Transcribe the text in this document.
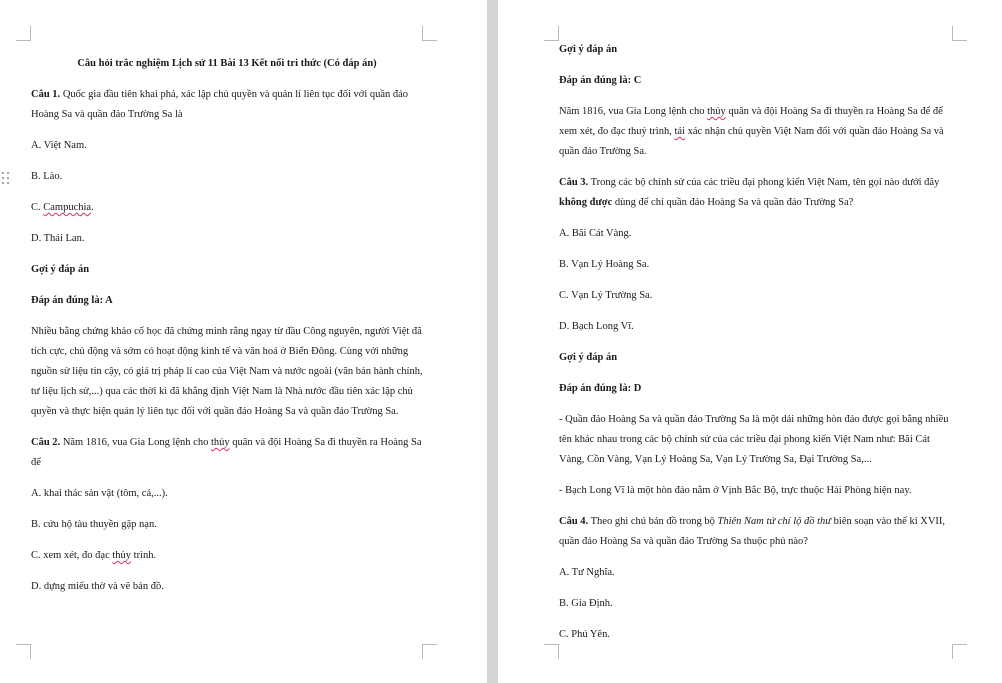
Câu hỏi trắc nghiệm Lịch sử 11 Bài 13 Kết nối tri thức (Có đáp án)

Câu 1. Quốc gia đầu tiên khai phá, xác lập chủ quyền và quản lí liên tục đối với quần đảo Hoàng Sa và quần đảo Trường Sa là

A. Việt Nam.

B. Lào.

C. Campuchia.

D. Thái Lan.

Gợi ý đáp án

Đáp án đúng là: A

Nhiều bằng chứng khảo cổ học đã chứng minh rằng ngay từ đầu Công nguyên, người Việt đã tích cực, chủ động và sớm có hoạt động kinh tế và văn hoá ở Biển Đông. Cùng với những nguồn sử liệu tin cậy, có giá trị pháp lí cao của Việt Nam và nước ngoài (văn bản hành chính, tư liệu lịch sử,...) qua các thời kì đã khẳng định Việt Nam là Nhà nước đầu tiên xác lập chủ quyền và thực hiện quản lý liên tục đối với quần đảo Hoàng Sa và quần đảo Trường Sa.

Câu 2. Năm 1816, vua Gia Long lệnh cho thủy quân và đội Hoàng Sa đi thuyền ra Hoàng Sa để

A. khai thác sản vật (tôm, cá,...).

B. cứu hộ tàu thuyền gặp nạn.

C. xem xét, đo đạc thủy trình.

D. dựng miếu thờ và vẽ bản đồ.

Gợi ý đáp án

Đáp án đúng là: C

Năm 1816, vua Gia Long lệnh cho thủy quân và đội Hoàng Sa đi thuyền ra Hoàng Sa để để xem xét, đo đạc thuỷ trình, tái xác nhận chủ quyền Việt Nam đối với quần đảo Hoàng Sa và quần đảo Trường Sa.

Câu 3. Trong các bộ chính sử của các triều đại phong kiến Việt Nam, tên gọi nào dưới đây không được dùng để chỉ quần đảo Hoàng Sa và quần đảo Trường Sa?

A. Bãi Cát Vàng.

B. Vạn Lý Hoàng Sa.

C. Vạn Lý Trường Sa.

D. Bạch Long Vĩ.

Gợi ý đáp án

Đáp án đúng là: D

- Quần đảo Hoàng Sa và quần đảo Trường Sa là một dải những hòn đảo được gọi bằng nhiều tên khác nhau trong các bộ chính sử của các triều đại phong kiến Việt Nam như: Bãi Cát Vàng, Cồn Vàng, Vạn Lý Hoàng Sa, Vạn Lý Trường Sa, Đại Trường Sa,...

- Bạch Long Vĩ là một hòn đảo nằm ở Vịnh Bắc Bộ, trực thuộc Hải Phòng hiện nay.

Câu 4. Theo ghi chú bản đồ trong bộ Thiên Nam tứ chí lộ đồ thư biên soạn vào thế kỉ XVII, quần đảo Hoàng Sa và quần đảo Trường Sa thuộc phủ nào?

A. Tư Nghĩa.

B. Gia Định.

C. Phú Yên.
